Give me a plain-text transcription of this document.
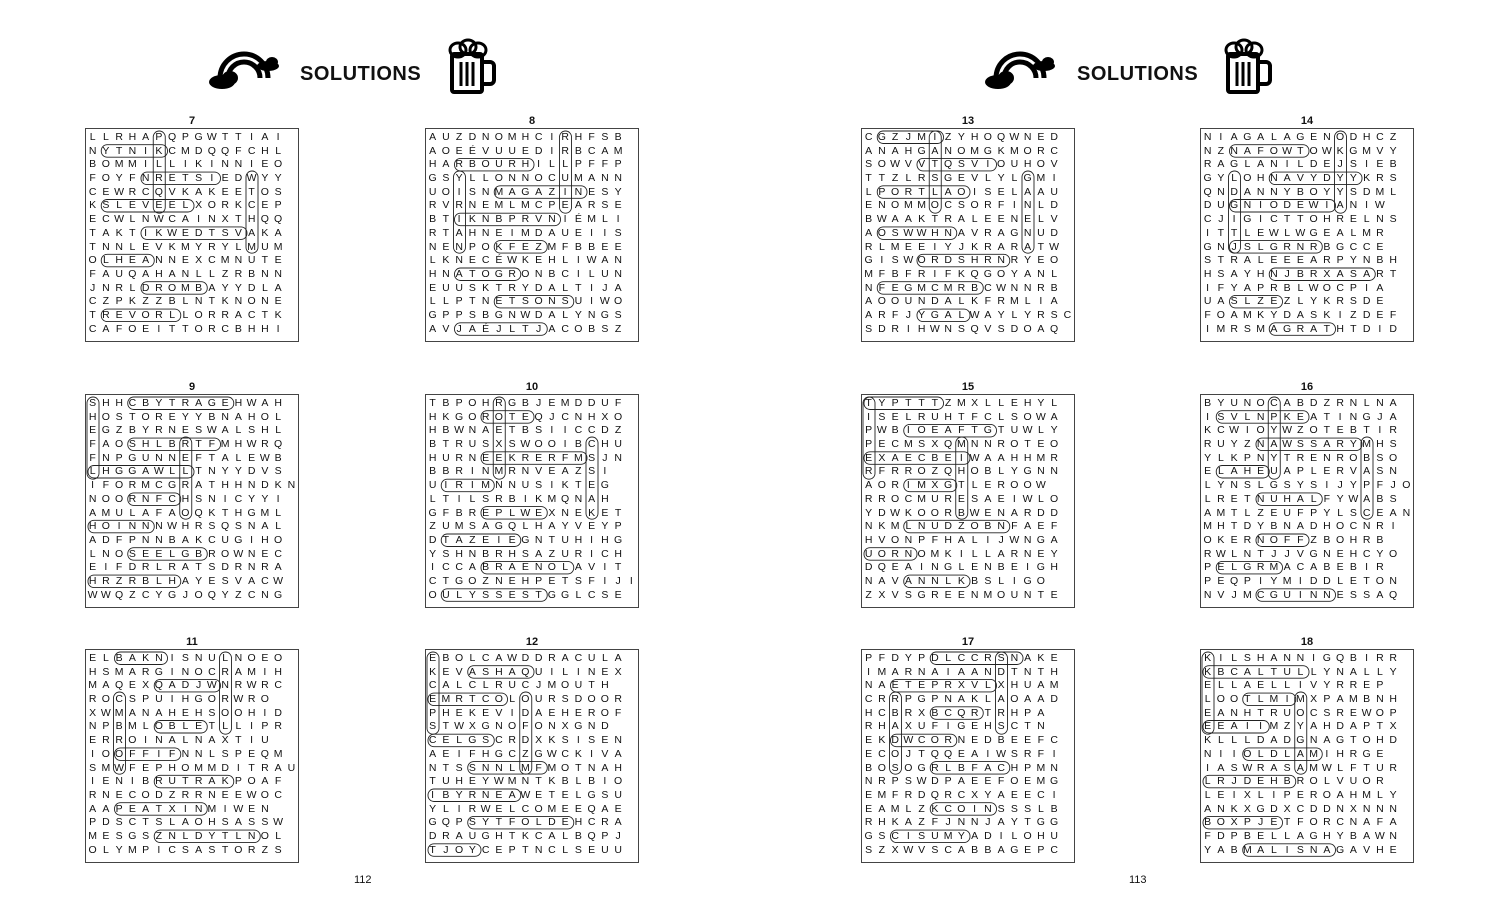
SOLUTIONS
7
L L R H A P Q P G W T T I A I
N Y T N I K C M D Q Q F C H L
B O M M I L L I K I N N I E O
F O Y F N R E T S I E D W Y Y
C E W R C Q V K A K E E T O S
K S L E V E E L X O R K C E P
E C W L N W C A I N X T H Q Q
T A K T I K W E D T S V A K A
T N N L E V K M Y R Y L M U M
O L H E A N N E X C M N U T E
F A U Q A H A N L L Z R B N N
J N R L D R O M B A Y Y D L A
C Z P K Z Z B L N T K N O N E
T R E V O R L L O R R A C T K
C A F O E I T T O R C B H H I
8
A U Z D N O M H C I R H F S B
A O E É V U U E D I R B C A M
H A R B O U R H I L L P F F P
G S Y L L O N N O C U M A N N
U O I S N M A G A Z I N E S Y
R V R N E M L M C P E A R S E
B T I K N B P R V N I É M L I
R T A H N E I M D A U E I I S
N E N P O K F E Z M F B B E E
L K N E C É W K E H L I W A N
H N A T O G R O N B C I L U N
E U U S K T R Y D A L T I J A
L L P T N E T S O N S U I W O
G P P S B G N W D A L Y N G S
A V J A É J L T J A C O B S Z
9
S H H C B Y T R A G E H W A H
H O S T O R E Y Y B N A H O L
E G Z B Y R N E S W A L S H L
F A O S H L B R T F M H W R Q
F N P G U N N E F T A L E W B
L H G G A W L L T N Y Y D V S
I F O R M C G R A T H H N D K N
N O O R N F C H S N I C Y Y I
A M U L A F A O Q K T H G M L
H O I N N N W H R S Q S N A L
A D F P N N B A K C U G I H O
L N O S E E L G B R O W N E C
E I F D R L R A T S D R N R A
H R Z R B L H A Y E S V A C W
W W Q Z C Y G J O Q Y Z C N G
10
T B P O H R G B J E M D D U F
H K G O R O T E Q J C N H X O
H B W N A E T B S I I C C D Z
B T R U S X S W O O I B C H U
H U R N E E K R E R F M S J N
B B R I N M R N V E A Z S I
U I R I M N N U S I K T E G
L T I L S R B I K M Q N A H
G F B R E P L W E X N E K E T
Z U M S A G Q L H A Y V E Y P
D T A Z E I E G N T U H I H G
Y S H N B R H S A Z U R I C H
I C C A B R A E N O L A V I T
C T G O Z N E H P E T S F I J I
O U L Y S S E S T G G L C S E
11
E L B A K N I S N U L N O E O
H S M A R G I N O C R A M I H
M A Q E X Q A D J W N R W R C
R O C S P U I H G O R W R O
X W M A N A H E H S O O H I D
N P B M L O B L E T L L I P R
E R R O I N A L N A X T I U
I O O F F I F N N L S P E Q M
S M W F E P H O M M D I T R A U
I E N I B R U T R A K P O A F
R N E C O D Z R R N E E W O C
A A P E A T X I N M I W E N
P D S C T S L A O H S A S S W
M E S G S Z N L D Y T L N O L
O L Y M P I C S A S T O R Z S
12
E B O L C A W D D R A C U L A
K E V A S H A Q U I L I N E X
C A L C L R U C J M O U T H
E M R T C O L O U R S D O O R
P H E K E V I D A E H E R O F
S T W X G N O F O N X G N D
C E L G S C R D X K S I S E N
A E I F H G C Z G W C K I V A
N T S S N N L M F M O T N A H
T U H E Y W M N T K B L B I O
I B Y R N E A W E T E L G S U
Y L I R W E L C O M E E Q A E
G Q P S Y T F O L D E H C R A
D R A U G H T K C A L B Q P J
T J O Y C E P T N C L S E U U
112
SOLUTIONS
13
C G Z J M I Z Y H O Q W N E D
A N A H G A N O M G K M O R C
S O W V V T Q S V I O U H O V
T T Z L R S G E V L Y L G M I
L P O R T L A O I S E L A A U
E N O M M O C S O R F I N L D
B W A A K T R A L E E N E L V
A O S W W H N A V R A G N U D
R L M E E I Y J K R A R A T W
G I S W O R D S H R N R Y E O
M F B F R I F K Q G O Y A N L
N F E G M C M R B C W N N R B
A O O U N D A L K F R M L I A
A R F J Y G A L W A Y L Y R S C
S D R I H W N S Q V S D O A Q
14
N I A G A L A G E N O D H C Z
N Z N A F O W T O W K G M V Y
R A G L A N I L D E J S I E B
G Y L O H N A V Y D Y Y K R S
Q N D A N N Y B O Y Y S D M L
D U G N I O D E W I A N I W
C J I G I C T T O H R E L N S
I T T L E W L W G E A L M R
G N J S L G R N R B G C C E
S T R A L E E E A R P Y N B H
H S A Y H N J B R X A S A R T
I F Y A P R B L W O C P I A
U A S L Z E Z L Y K R S D E
F O A M K Y D A S K I Z D E F
I M R S M A G R A T H T D I D
15
T Y P T T T Z M X L L E H Y L
I S E L R U H T F C L S O W A
P W B I O E A F T G T U W L Y
P E C M S X Q M N N R O T E O
E X A E C B E I W A A H H M R
R F R R O Z Q H O B L Y G N N
A O R I M X G T L E R O O W
R R O C M U R E S A E I W L O
Y D W K O O R B W E N A R D D
N K M L N U D Z O B N F A E F
H V O N P F H A L I J W N G A
U O R N O M K I L L A R N E Y
D Q E A I N G L E N B E I G H
N A V A N N L K B S L I G O
Z X V S G R E E N M O U N T E
16
B Y U N O C A B D Z R N L N A
I S V L N P K E A T I N G J A
K C W I O Y W Z O T E B T I R
R U Y Z N A W S S A R Y M H S
Y L K P N Y T R E N R O B S O
E L A H E U A P L E R V A S N
L Y N S L G S Y S I J Y P F J O
L R E T N U H A L F Y W A B S
A M T L Z E U F P Y L S C E A N
M H T D Y B N A D H O C N R I
O K E R N O F F Z B O H R B
R W L N T J J V G N E H C Y O
P E L G R M A C A B E B I R
P E Q P I Y M I D D L E T O N
N V J M C G U I N N E S S A Q
17
P F D Y P D L C C R S N A K E
I M A R N A I A A N D T N T H
N A E T E P R X V L X H U A M
C R R P G P N A K L A O A A D
H C B R X B C Q R T R H P A
R H A X U F I G E H S C T N
E K D W C O R N E D B E E F C
E C O J T Q Q E A I W S R F I
B O S O G R L B F A C H P M N
N R P S W D P A E E F O E M G
E M F R D Q R C X Y A E E C I
E A M L Z K C O I N S S S L B
R H K A Z F J N N J A Y T G G
G S C I S U M Y A D I L O H U
S Z X W V S C A B B A G E P C
18
K I L S H A N N I G Q B I R R
K B C A L T U L L Y N A L L Y
E L L A E L L I V Y R R E P
L O O T L M I M X P A M B N H
E A N H T R U O C S R E W O P
E E A I I M Z Y A H D A P T X
K L L L D A D G N A G T O H D
N I I O L D L A M I H R G E
I A S W R A S A M W L F T U R
L R J D E H B R O L V U O R
L E I X L I P E R O A H M L Y
A N K X G D X C D D N X N N N
B O X P J E T F O R C N A F A
F D P B E L L A G H Y B A W N
Y A B M A L I S N A G A V H E
113
